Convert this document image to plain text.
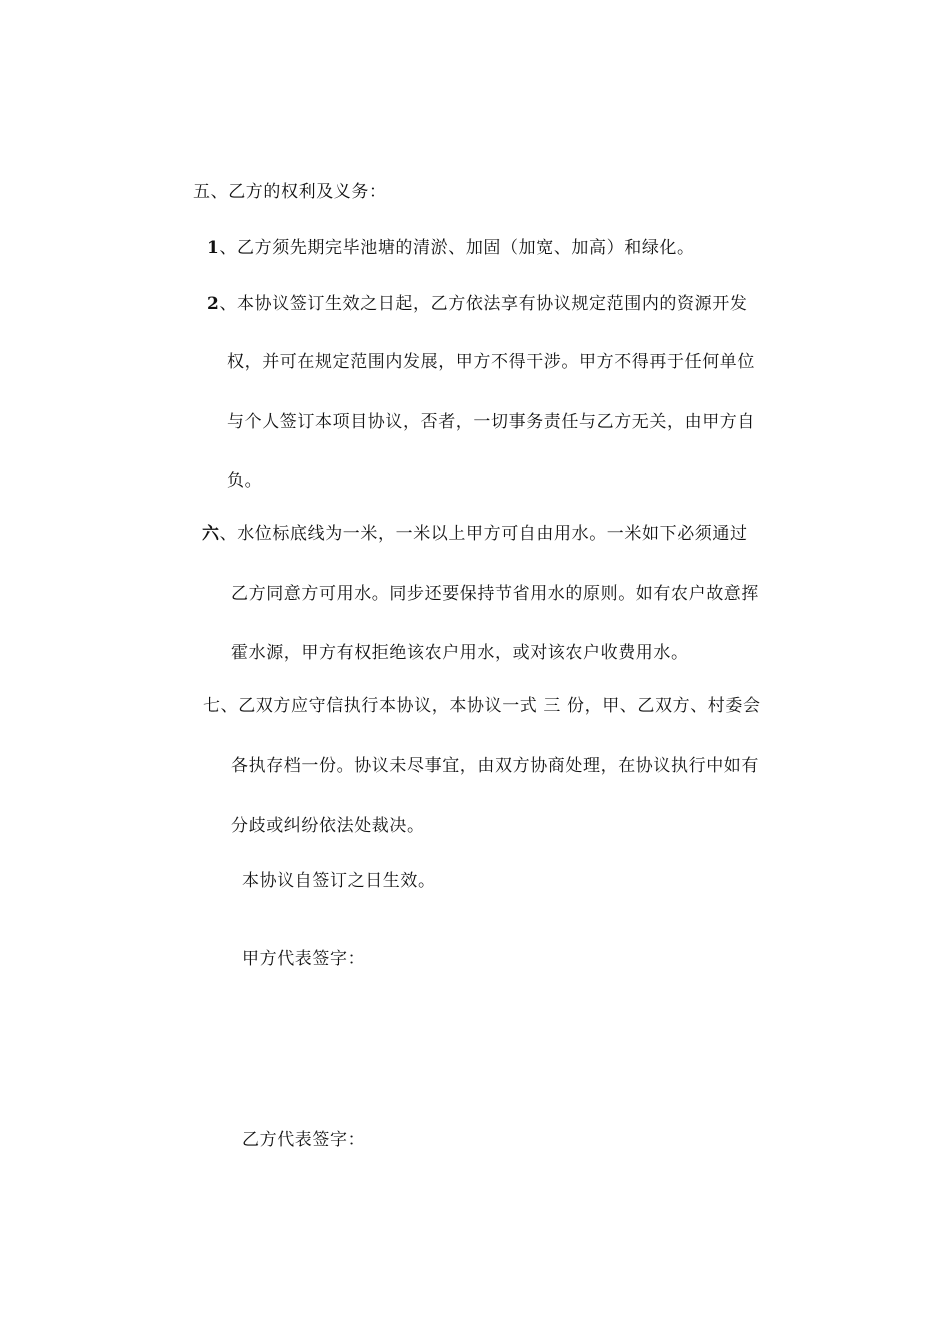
五、乙方的权利及义务：
1、乙方须先期完毕池塘的清淤、加固（加宽、加高）和绿化。
2、本协议签订生效之日起，乙方依法享有协议规定范围内的资源开发
权，并可在规定范围内发展，甲方不得干涉。甲方不得再于任何单位
与个人签订本项目协议，否者，一切事务责任与乙方无关，由甲方自
负。
六、水位标底线为一米，一米以上甲方可自由用水。一米如下必须通过
乙方同意方可用水。同步还要保持节省用水的原则。如有农户故意挥
霍水源，甲方有权拒绝该农户用水，或对该农户收费用水。
七、乙双方应守信执行本协议，本协议一式 三 份，甲、乙双方、村委会
各执存档一份。协议未尽事宜，由双方协商处理，在协议执行中如有
分歧或纠纷依法处裁决。
本协议自签订之日生效。
甲方代表签字：
乙方代表签字：
